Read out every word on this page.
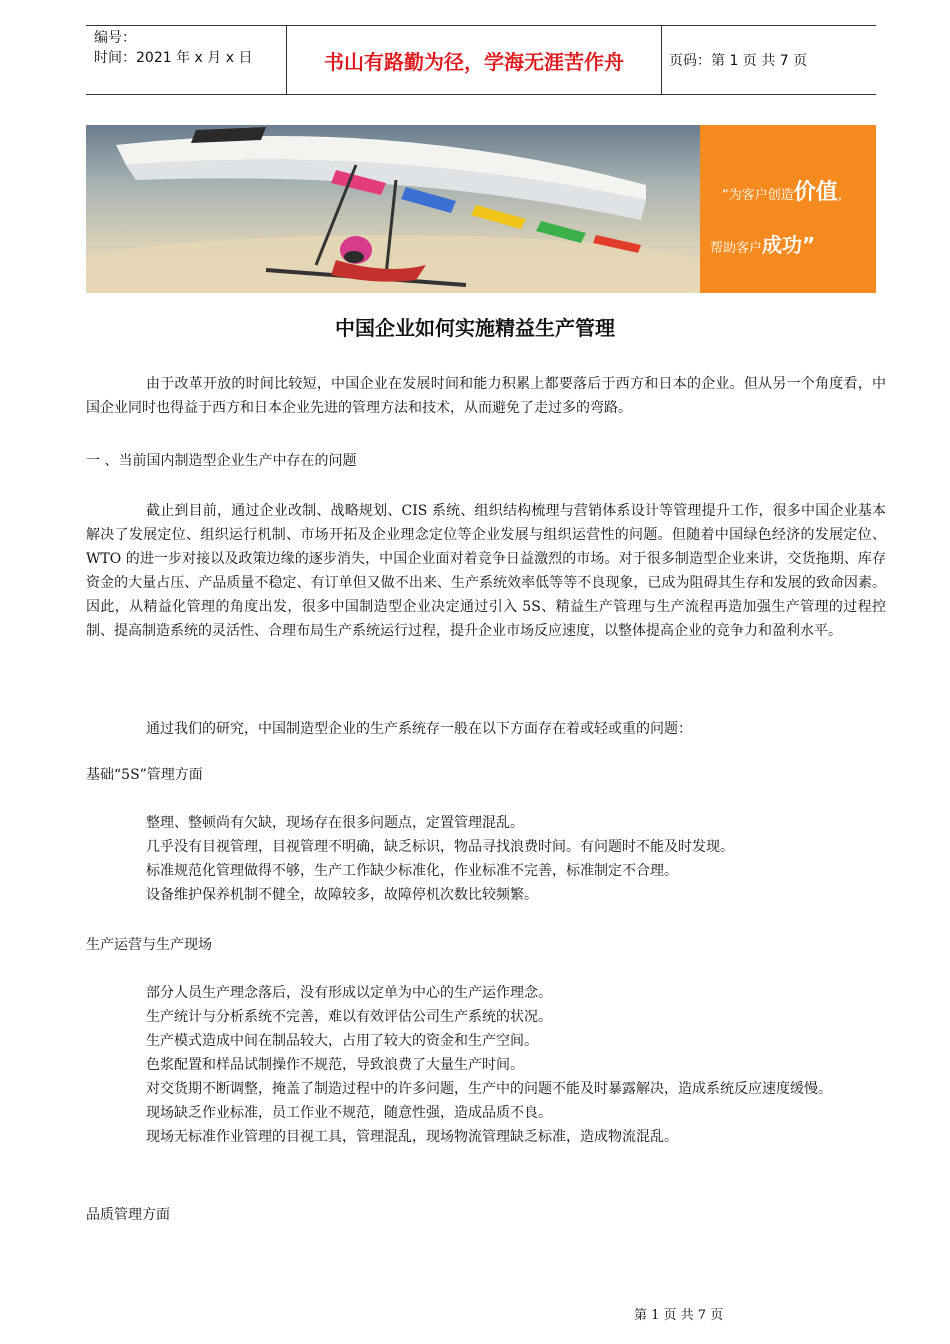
编号：
时间：2021 年 x 月 x 日	书山有路勤为径，学海无涯苦作舟	页码：第 1 页 共 7 页
“为客户创造价值，
帮助客户成功”
中国企业如何实施精益生产管理

由于改革开放的时间比较短，中国企业在发展时间和能力积累上都要落后于西方和日本的企业。但从另一个角度看，中国企业同时也得益于西方和日本企业先进的管理方法和技术，从而避免了走过多的弯路。

一 、当前国内制造型企业生产中存在的问题

截止到目前，通过企业改制、战略规划、CIS 系统、组织结构梳理与营销体系设计等管理提升工作，很多中国企业基本解决了发展定位、组织运行机制、市场开拓及企业理念定位等企业发展与组织运营性的问题。但随着中国绿色经济的发展定位、WTO 的进一步对接以及政策边缘的逐步消失，中国企业面对着竞争日益激烈的市场。对于很多制造型企业来讲，交货拖期、库存资金的大量占压、产品质量不稳定、有订单但又做不出来、生产系统效率低等等不良现象，已成为阻碍其生存和发展的致命因素。因此，从精益化管理的角度出发，很多中国制造型企业决定通过引入 5S、精益生产管理与生产流程再造加强生产管理的过程控制、提高制造系统的灵活性、合理布局生产系统运行过程，提升企业市场反应速度，以整体提高企业的竞争力和盈利水平。

通过我们的研究，中国制造型企业的生产系统存一般在以下方面存在着或轻或重的问题：

基础“5S”管理方面

整理、整顿尚有欠缺，现场存在很多问题点，定置管理混乱。

几乎没有目视管理，目视管理不明确，缺乏标识，物品寻找浪费时间。有问题时不能及时发现。

标准规范化管理做得不够，生产工作缺少标准化，作业标准不完善，标准制定不合理。

设备维护保养机制不健全，故障较多，故障停机次数比较频繁。

生产运营与生产现场

部分人员生产理念落后，没有形成以定单为中心的生产运作理念。

生产统计与分析系统不完善，难以有效评估公司生产系统的状况。

生产模式造成中间在制品较大，占用了较大的资金和生产空间。

色浆配置和样品试制操作不规范，导致浪费了大量生产时间。

对交货期不断调整，掩盖了制造过程中的许多问题，生产中的问题不能及时暴露解决，造成系统反应速度缓慢。

现场缺乏作业标准，员工作业不规范，随意性强，造成品质不良。

现场无标准作业管理的目视工具，管理混乱，现场物流管理缺乏标准，造成物流混乱。

品质管理方面

第 1 页 共 7 页
